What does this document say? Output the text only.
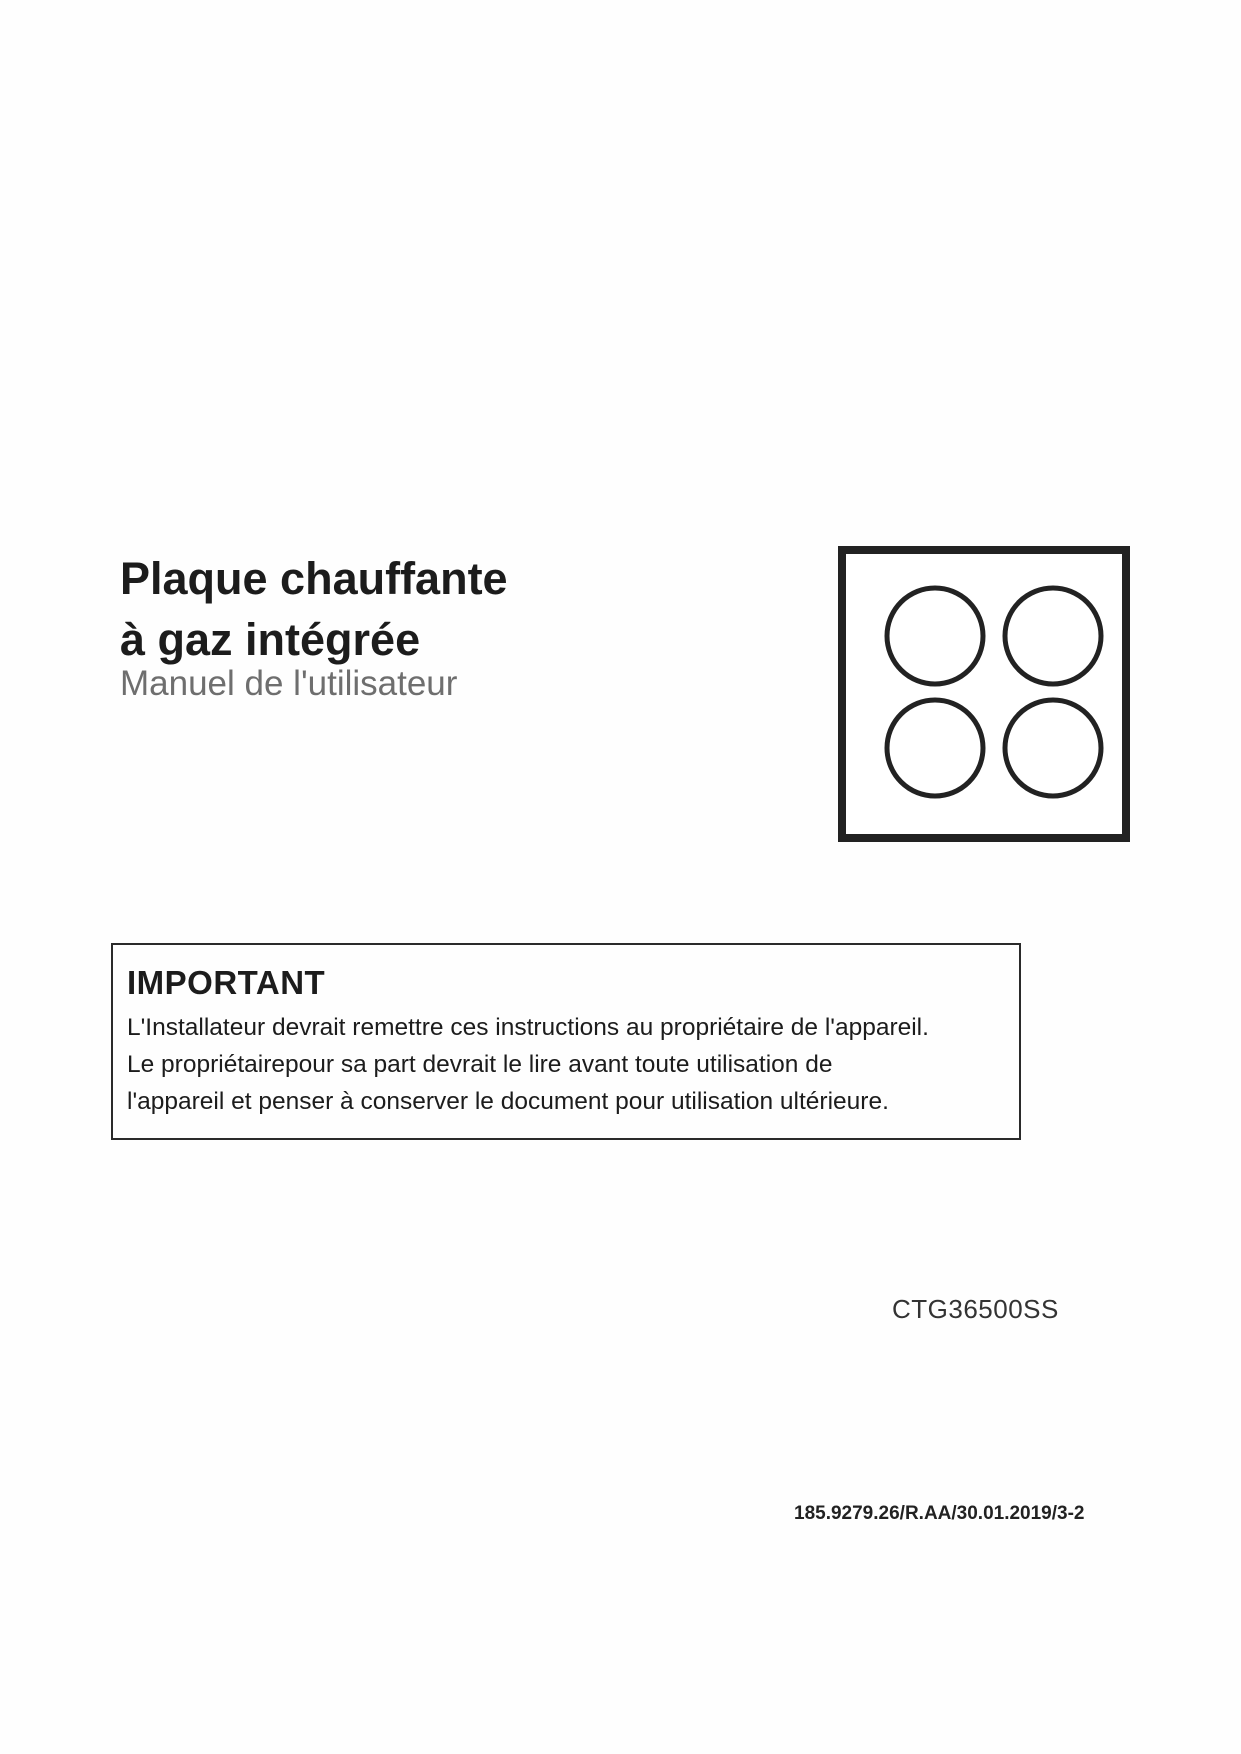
Plaque chauffante
à gaz intégrée
Manuel de l'utilisateur
IMPORTANT

L'Installateur devrait remettre ces instructions au propriétaire de l'appareil.

Le propriétairepour sa part devrait le lire avant toute utilisation de

l'appareil et penser à conserver le document pour utilisation ultérieure.

CTG36500SS
185.9279.26/R.AA/30.01.2019/3-2
